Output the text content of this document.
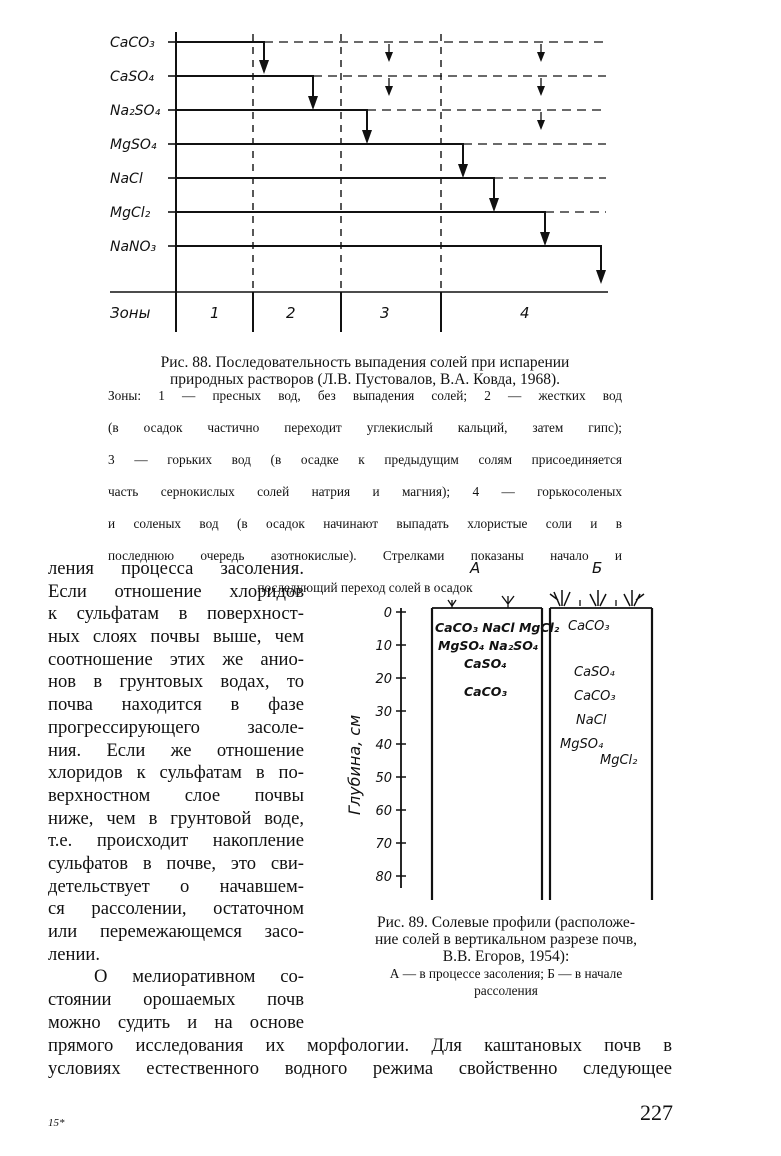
CaCO₃
CaSO₄
Na₂SO₄
MgSO₄
NaCl
MgCl₂
NaNO₃
Зоны	1	2	3	4
Рис. 88. Последовательность выпадения солей при испарении
природных растворов (Л.В. Пустовалов, В.А. Ковда, 1968).
Зоны: 1 — пресных вод, без выпадения солей; 2 — жестких вод
(в осадок частично переходит углекислый кальций, затем гипс);
3 — горьких вод (в осадке к предыдущим солям присоединяется
часть сернокислых солей натрия и магния); 4 — горькосоленых
и соленых вод (в осадок начинают выпадать хлористые соли и в
последнюю очередь азотнокислые). Стрелками показаны начало и
последующий переход солей в осадок
ления процесса засоления.
Если отношение хлоридов
к сульфатам в поверхност-
ных слоях почвы выше, чем
соотношение этих же анио-
нов в грунтовых водах, то
почва находится в фазе
прогрессирующего засоле-
ния. Если же отношение
хлоридов к сульфатам в по-
верхностном слое почвы
ниже, чем в грунтовой воде,
т.е. происходит накопление
сульфатов в почве, это сви-
детельствует о начавшем-
ся рассолении, остаточном
или перемежающемся засо-
лении.
О мелиоративном со-
стоянии орошаемых почв
можно судить и на основе
прямого исследования их морфологии. Для каштановых почв в
условиях естественного водного режима свойственно следующее
А	Б
0
10
20
30
40
50
60
70
80
Глубина, см
CaCO₃ NaCl MgCl₂
MgSO₄ Na₂SO₄
CaSO₄
CaCO₃
CaCO₃
CaSO₄
CaCO₃
NaCl
MgSO₄
MgCl₂
Рис. 89. Солевые профили (расположе-
ние солей в вертикальном разрезе почв,
В.В. Егоров, 1954):
А — в процессе засоления; Б — в начале
рассоления
15*	227
